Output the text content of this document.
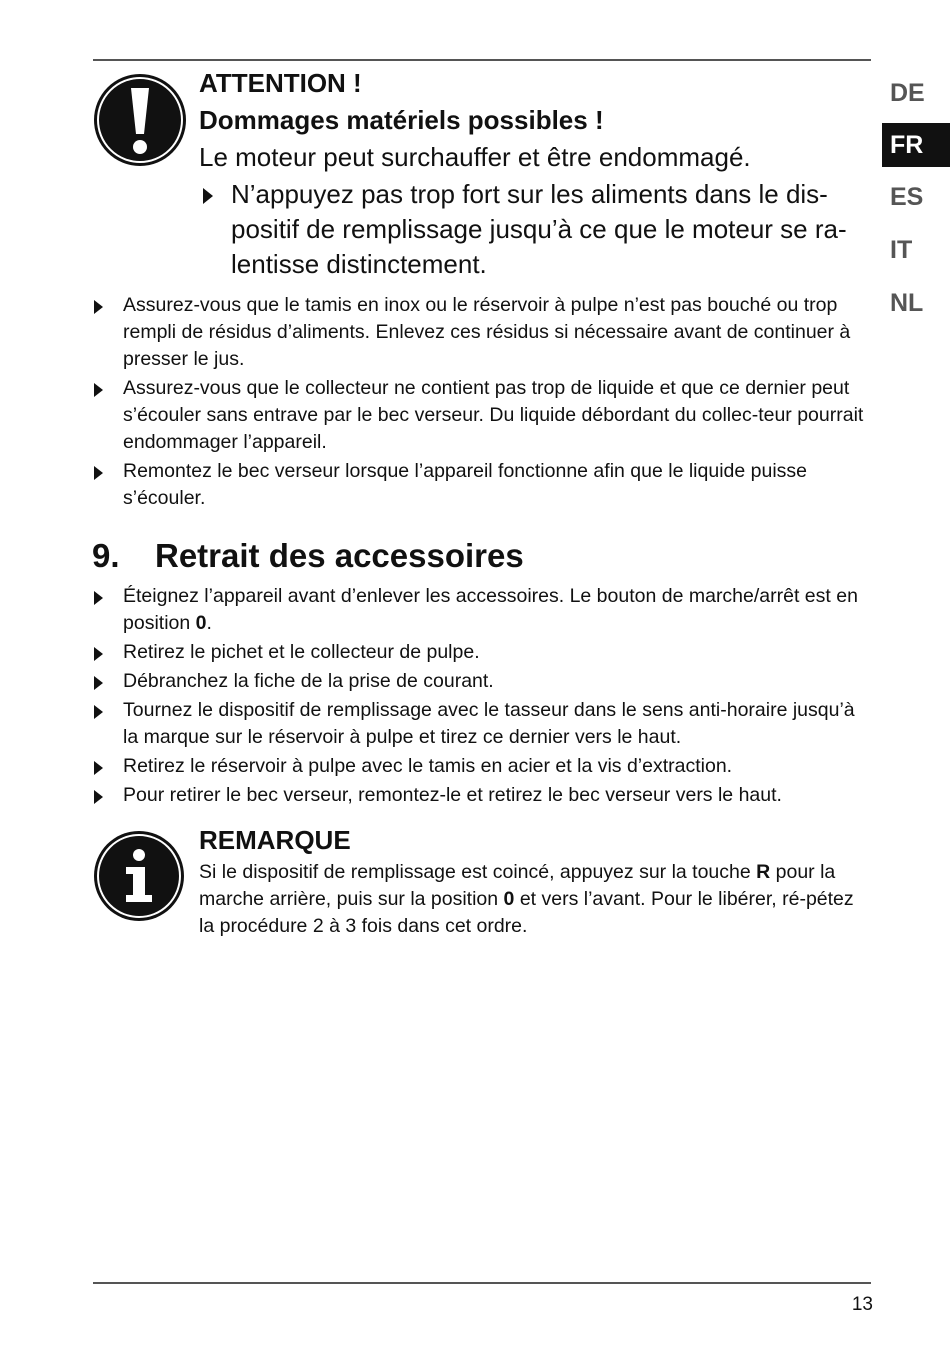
DE
FR
ES
IT
NL
ATTENTION !
Dommages matériels possibles !
Le moteur peut surchauffer et être endommagé.
N’appuyez pas trop fort sur les aliments dans le dis-
positif de remplissage jusqu’à ce que le moteur se ra-
lentisse distinctement.
Assurez-vous que le tamis en inox ou le réservoir à pulpe n’est pas bouché ou trop rempli de résidus d’aliments. Enlevez ces résidus si nécessaire avant de continuer à presser le jus.
Assurez-vous que le collecteur ne contient pas trop de liquide et que ce dernier peut s’écouler sans entrave par le bec verseur. Du liquide débordant du collec-teur pourrait endommager l’appareil.
Remontez le bec verseur lorsque l’appareil fonctionne afin que le liquide puisse s’écouler.
9. Retrait des accessoires
Éteignez l’appareil avant d’enlever les accessoires. Le bouton de marche/arrêt est en position 0.
Retirez le pichet et le collecteur de pulpe.
Débranchez la fiche de la prise de courant.
Tournez le dispositif de remplissage avec le tasseur dans le sens anti-horaire jusqu’à la marque sur le réservoir à pulpe et tirez ce dernier vers le haut.
Retirez le réservoir à pulpe avec le tamis en acier et la vis d’extraction.
Pour retirer le bec verseur, remontez-le et retirez le bec verseur vers le haut.
REMARQUE
Si le dispositif de remplissage est coincé, appuyez sur la touche R pour la marche arrière, puis sur la position 0 et vers l’avant. Pour le libérer, ré-pétez la procédure 2 à 3 fois dans cet ordre.
13
